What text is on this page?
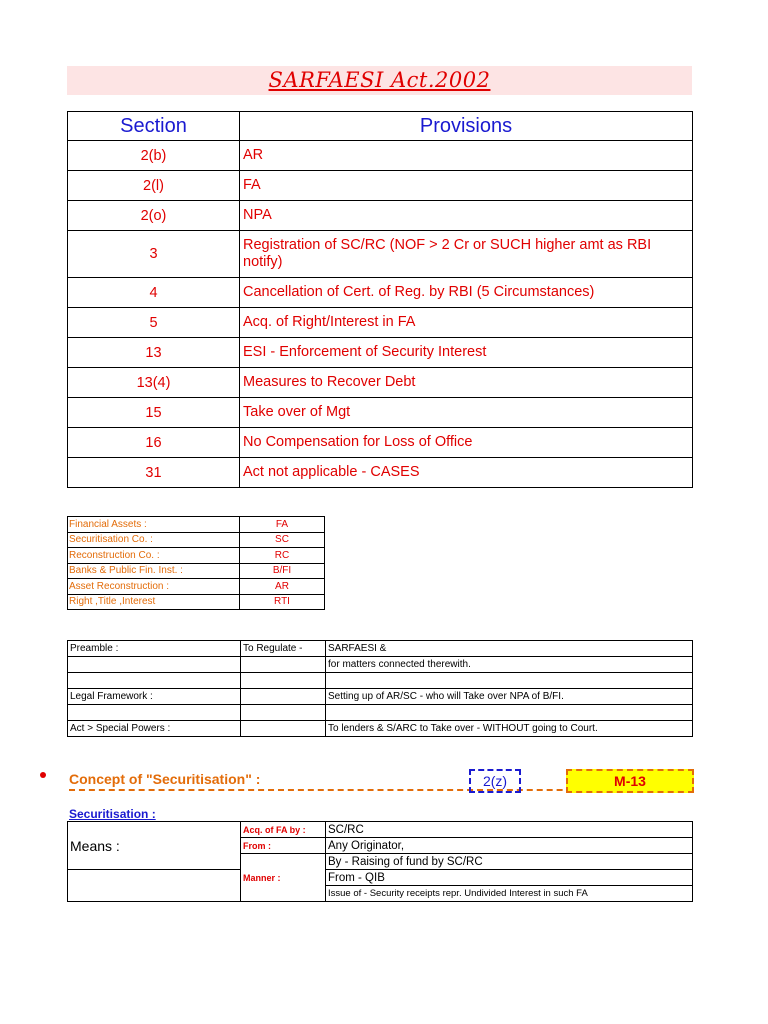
SARFAESI Act.2002
Section	Provisions
2(b)	AR
2(l)	FA
2(o)	NPA
3	Registration of SC/RC (NOF > 2 Cr or SUCH higher amt as RBI notify)
4	Cancellation of Cert. of Reg. by RBI (5 Circumstances)
5	Acq. of Right/Interest in FA
13	ESI - Enforcement of Security Interest
13(4)	Measures to Recover Debt
15	Take over of Mgt
16	No Compensation for Loss of Office
31	Act not applicable - CASES
Financial Assets :	FA
Securitisation Co. :	SC
Reconstruction Co. :	RC
Banks & Public Fin. Inst. :	B/FI
Asset Reconstruction :	AR
Right ,Title ,Interest	RTI
Preamble :	To Regulate -	SARFAESI &
		for matters connected therewith.

Legal Framework :		Setting up of AR/SC - who will Take over NPA of B/FI.

Act > Special Powers :		To lenders & S/ARC to Take over - WITHOUT going to Court.
Concept of "Securitisation" :	2(z)	M-13
Securitisation :
Means :	Acq. of FA by :	SC/RC
	From :	Any Originator,
	Manner :	By - Raising of fund by SC/RC
		From - QIB
		Issue of - Security receipts repr. Undivided Interest in such FA
